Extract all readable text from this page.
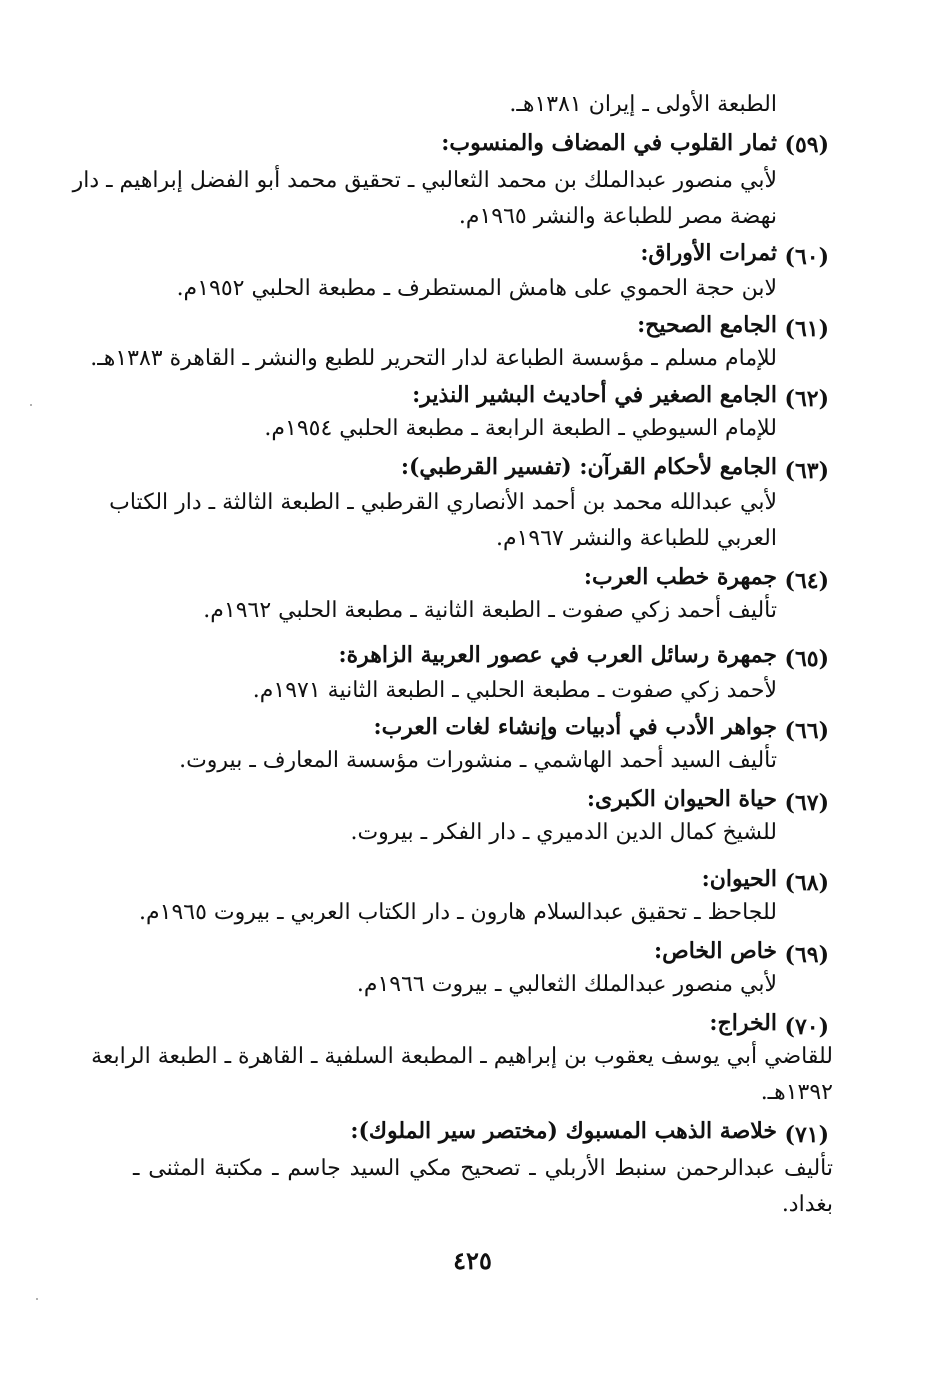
الطبعة الأولى ـ إيران ١٣٨١هـ.
(٥٩)
ثمار القلوب في المضاف والمنسوب:
لأبي منصور عبدالملك بن محمد الثعالبي ـ تحقيق محمد أبو الفضل إبراهيم ـ دار
نهضة مصر للطباعة والنشر ١٩٦٥م.
(٦٠)
ثمرات الأوراق:
لابن حجة الحموي على هامش المستطرف ـ مطبعة الحلبي ١٩٥٢م.
(٦١)
الجامع الصحيح:
للإمام مسلم ـ مؤسسة الطباعة لدار التحرير للطبع والنشر ـ القاهرة ١٣٨٣هـ.
(٦٢)
الجامع الصغير في أحاديث البشير النذير:
للإمام السيوطي ـ الطبعة الرابعة ـ مطبعة الحلبي ١٩٥٤م.
(٦٣)
الجامع لأحكام القرآن: (تفسير القرطبي):
لأبي عبدالله محمد بن أحمد الأنصاري القرطبي ـ الطبعة الثالثة ـ دار الكتاب
العربي للطباعة والنشر ١٩٦٧م.
(٦٤)
جمهرة خطب العرب:
تأليف أحمد زكي صفوت ـ الطبعة الثانية ـ مطبعة الحلبي ١٩٦٢م.
(٦٥)
جمهرة رسائل العرب في عصور العربية الزاهرة:
لأحمد زكي صفوت ـ مطبعة الحلبي ـ الطبعة الثانية ١٩٧١م.
(٦٦)
جواهر الأدب في أدبيات وإنشاء لغات العرب:
تأليف السيد أحمد الهاشمي ـ منشورات مؤسسة المعارف ـ بيروت.
(٦٧)
حياة الحيوان الكبرى:
للشيخ كمال الدين الدميري ـ دار الفكر ـ بيروت.
(٦٨)
الحيوان:
للجاحظ ـ تحقيق عبدالسلام هارون ـ دار الكتاب العربي ـ بيروت ١٩٦٥م.
(٦٩)
خاص الخاص:
لأبي منصور عبدالملك الثعالبي ـ بيروت ١٩٦٦م.
(٧٠)
الخراج:
للقاضي أبي يوسف يعقوب بن إبراهيم ـ المطبعة السلفية ـ القاهرة ـ الطبعة الرابعة
١٣٩٢هـ.
(٧١)
خلاصة الذهب المسبوك (مختصر سير الملوك):
تأليف عبدالرحمن سنبط الأربلي ـ تصحيح مكي السيد جاسم ـ مكتبة المثنى ـ
بغداد.
٤٢٥
